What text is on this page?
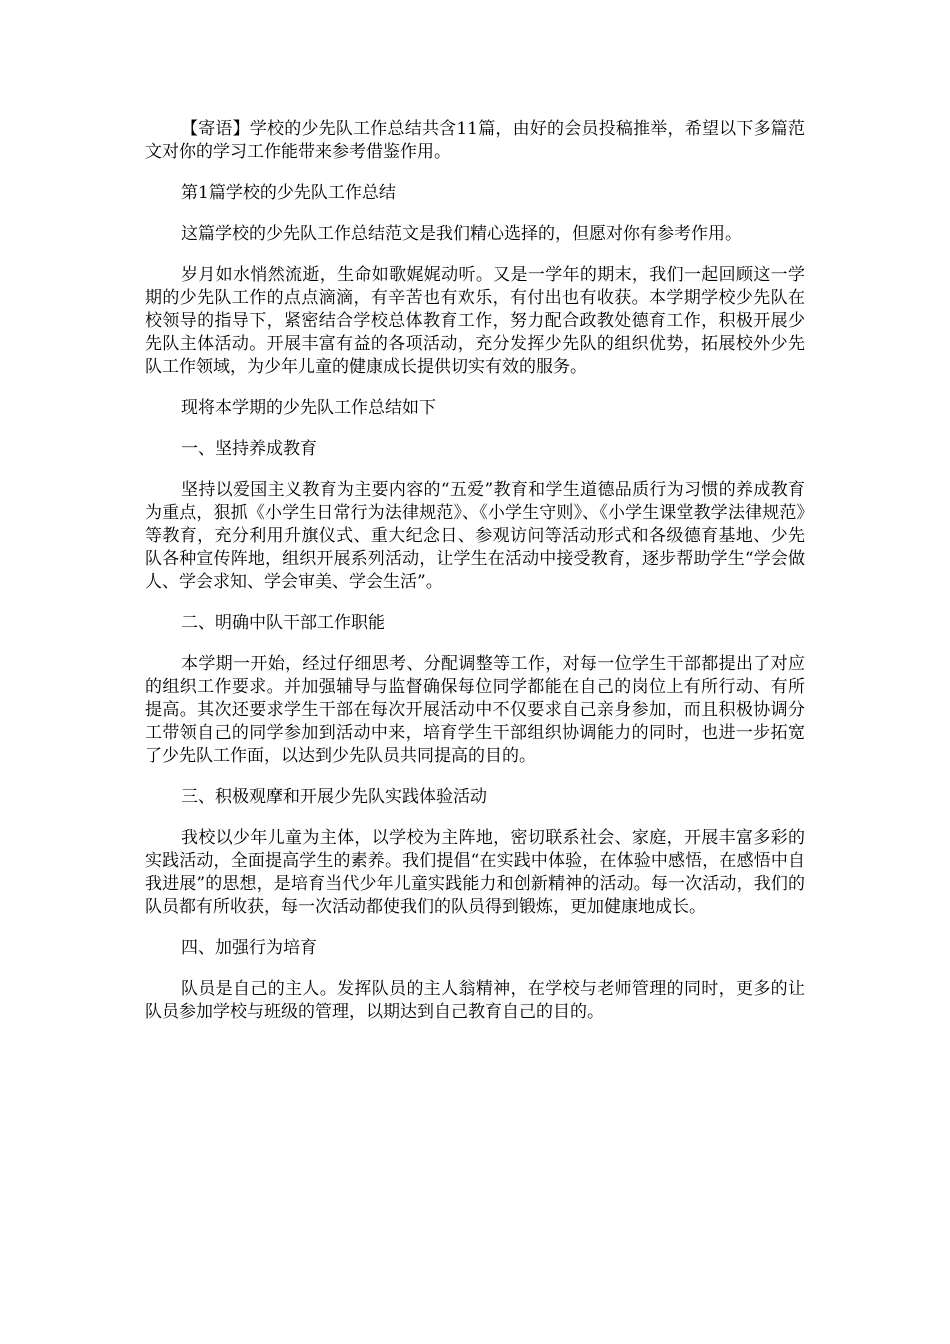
【寄语】学校的少先队工作总结共含11篇，由好的会员投稿推举，希望以下多篇范文对你的学习工作能带来参考借鉴作用。

第1篇学校的少先队工作总结

这篇学校的少先队工作总结范文是我们精心选择的，但愿对你有参考作用。

岁月如水悄然流逝，生命如歌娓娓动听。又是一学年的期末，我们一起回顾这一学期的少先队工作的点点滴滴，有辛苦也有欢乐，有付出也有收获。本学期学校少先队在校领导的指导下，紧密结合学校总体教育工作，努力配合政教处德育工作，积极开展少先队主体活动。开展丰富有益的各项活动，充分发挥少先队的组织优势，拓展校外少先队工作领域，为少年儿童的健康成长提供切实有效的服务。

现将本学期的少先队工作总结如下

一、坚持养成教育

坚持以爱国主义教育为主要内容的“五爱”教育和学生道德品质行为习惯的养成教育为重点，狠抓《小学生日常行为法律规范》、《小学生守则》、《小学生课堂教学法律规范》等教育，充分利用升旗仪式、重大纪念日、参观访问等活动形式和各级德育基地、少先队各种宣传阵地，组织开展系列活动，让学生在活动中接受教育，逐步帮助学生“学会做人、学会求知、学会审美、学会生活”。

二、明确中队干部工作职能

本学期一开始，经过仔细思考、分配调整等工作，对每一位学生干部都提出了对应的组织工作要求。并加强辅导与监督确保每位同学都能在自己的岗位上有所行动、有所提高。其次还要求学生干部在每次开展活动中不仅要求自己亲身参加，而且积极协调分工带领自己的同学参加到活动中来，培育学生干部组织协调能力的同时，也进一步拓宽了少先队工作面，以达到少先队员共同提高的目的。

三、积极观摩和开展少先队实践体验活动

我校以少年儿童为主体，以学校为主阵地，密切联系社会、家庭，开展丰富多彩的实践活动，全面提高学生的素养。我们提倡“在实践中体验，在体验中感悟，在感悟中自我进展”的思想，是培育当代少年儿童实践能力和创新精神的活动。每一次活动，我们的队员都有所收获，每一次活动都使我们的队员得到锻炼，更加健康地成长。

四、加强行为培育

队员是自己的主人。发挥队员的主人翁精神，在学校与老师管理的同时，更多的让队员参加学校与班级的管理，以期达到自己教育自己的目的。
